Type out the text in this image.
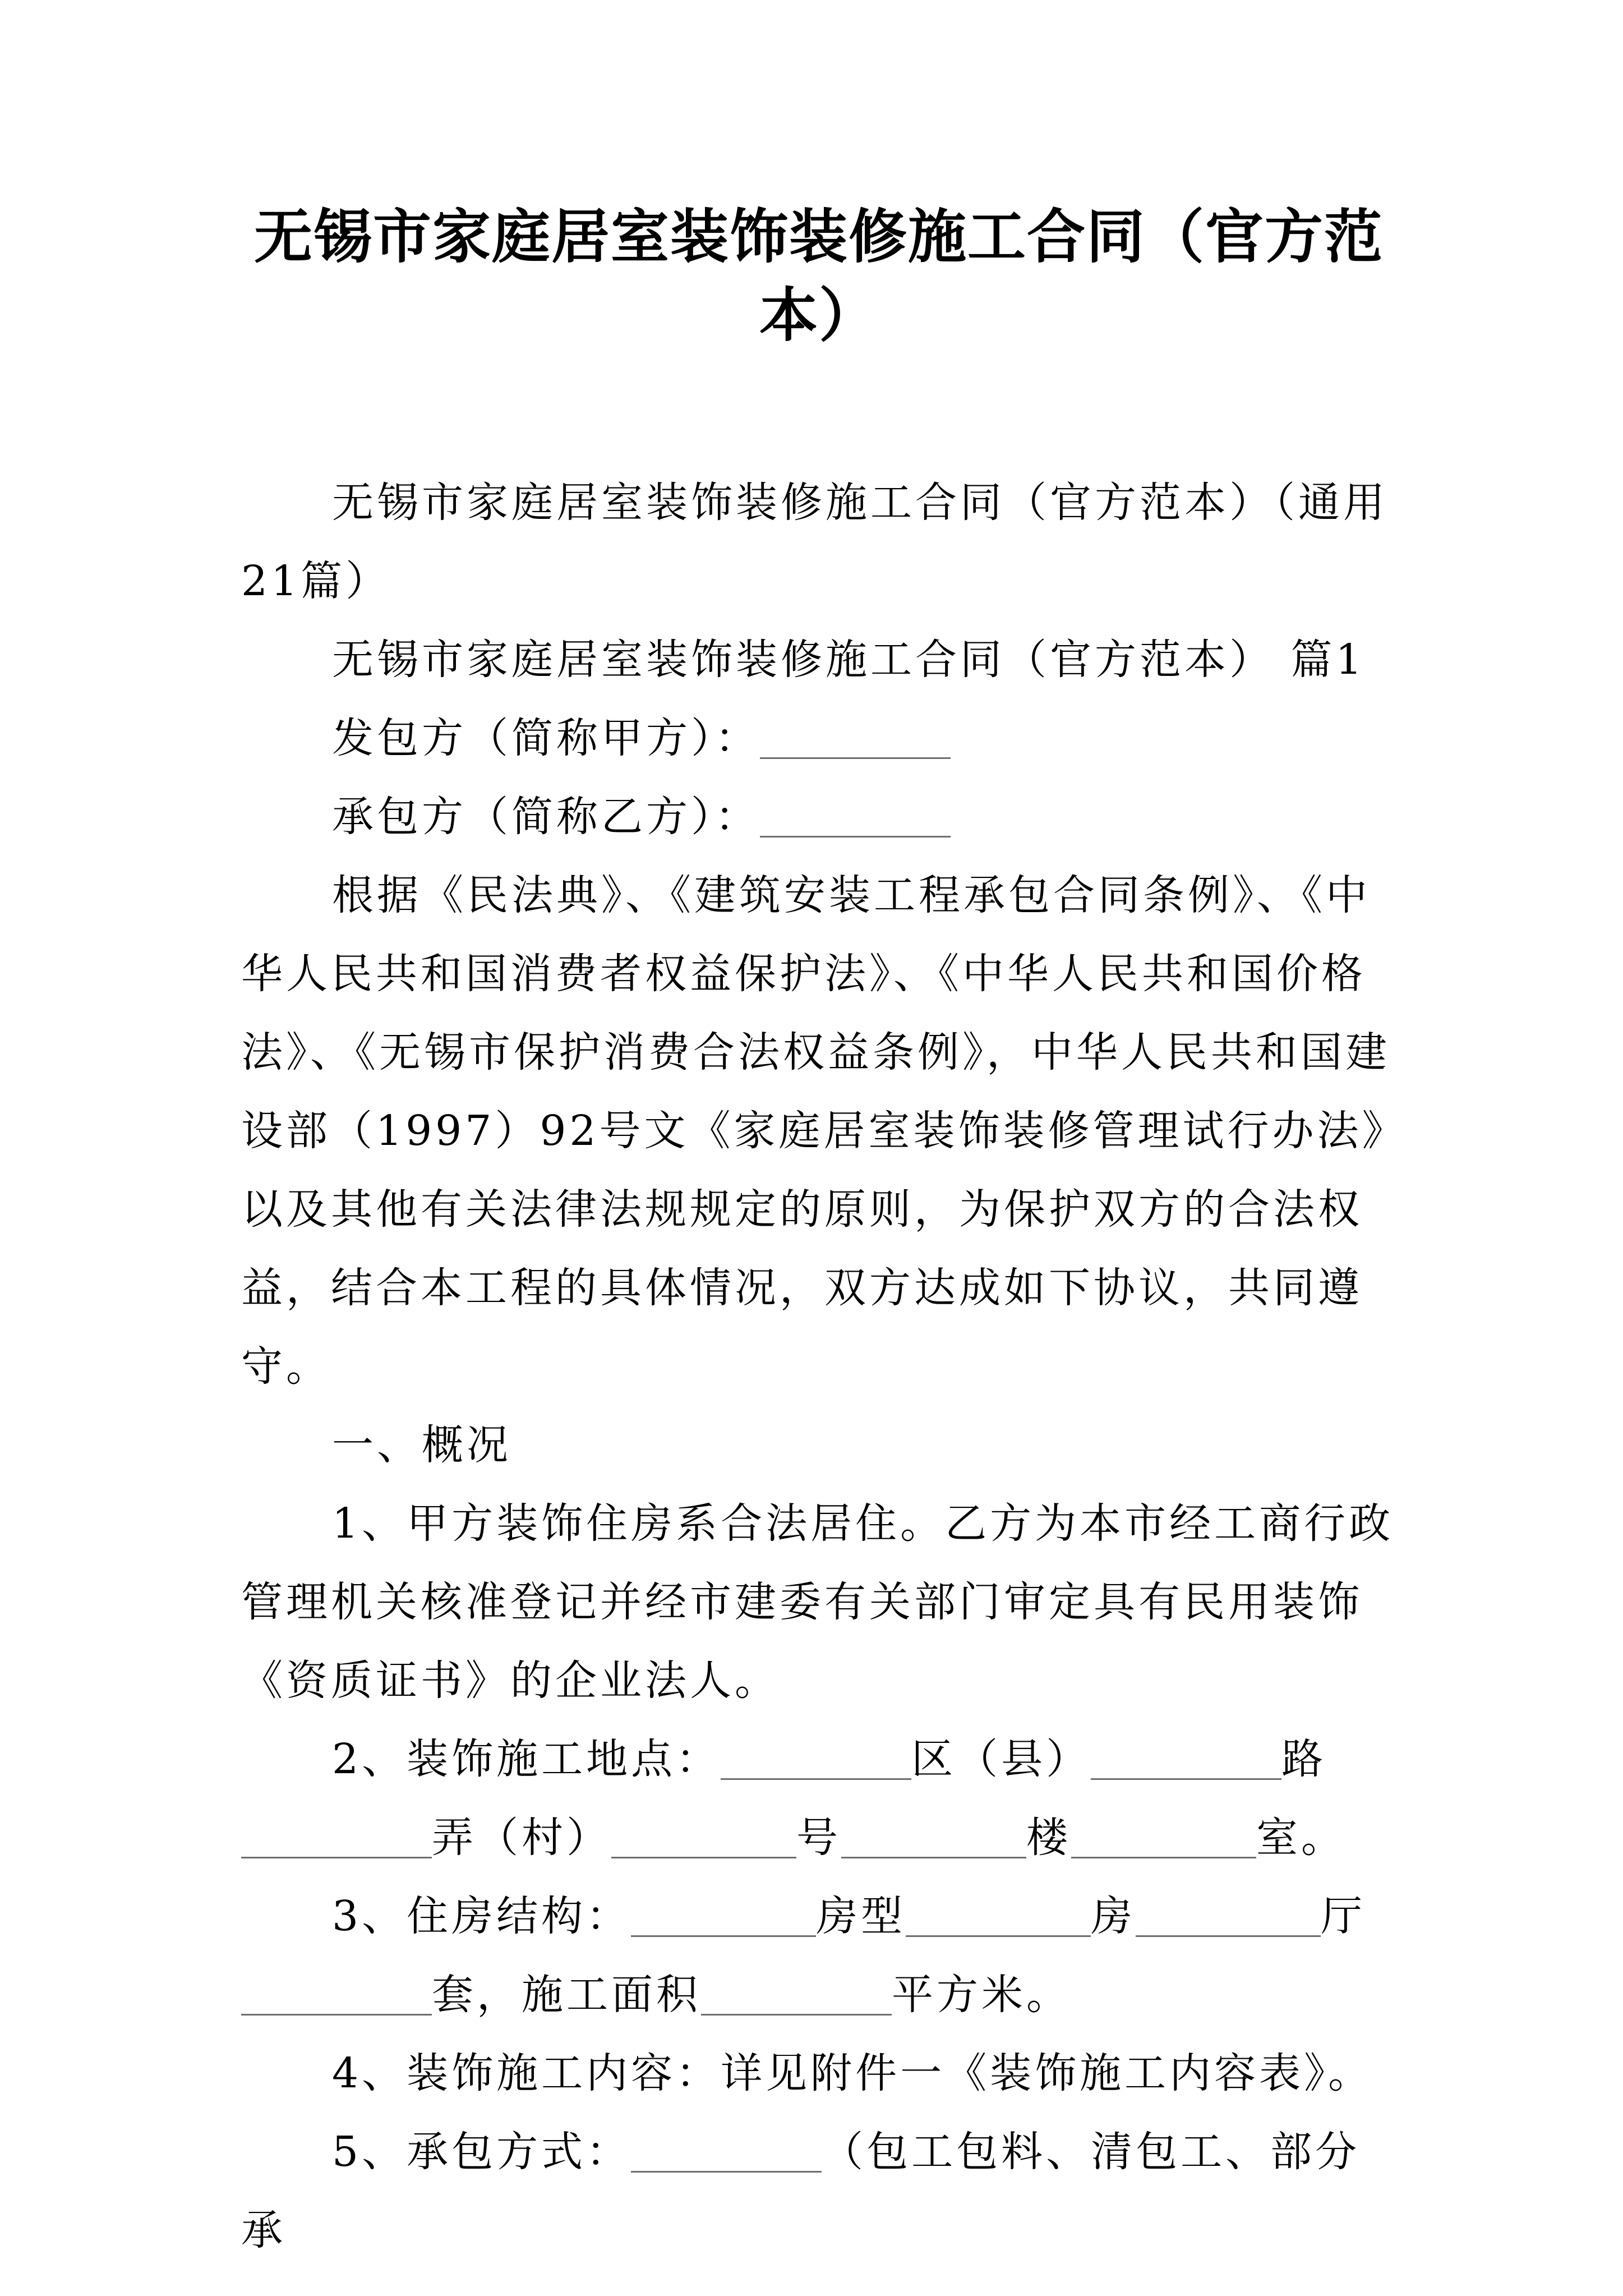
无锡市家庭居室装饰装修施工合同（官方范本）

无锡市家庭居室装饰装修施工合同（官方范本）（通用21篇）

无锡市家庭居室装饰装修施工合同（官方范本） 篇1

发包方（简称甲方）：

承包方（简称乙方）：

根据《民法典》、《建筑安装工程承包合同条例》、《中华人民共和国消费者权益保护法》、《中华人民共和国价格法》、《无锡市保护消费合法权益条例》，中华人民共和国建设部（1997）92号文《家庭居室装饰装修管理试行办法》以及其他有关法律法规规定的原则，为保护双方的合法权益，结合本工程的具体情况，双方达成如下协议，共同遵守。

一、概况

1、甲方装饰住房系合法居住。乙方为本市经工商行政管理机关核准登记并经市建委有关部门审定具有民用装饰《资质证书》的企业法人。

2、装饰施工地点：	区（县）	路弄（村）	号	楼	室。

3、住房结构：	房型	房	厅套，施工面积	平方米。

4、装饰施工内容：详见附件一《装饰施工内容表》。

5、承包方式：	（包工包料、清包工、部分承
